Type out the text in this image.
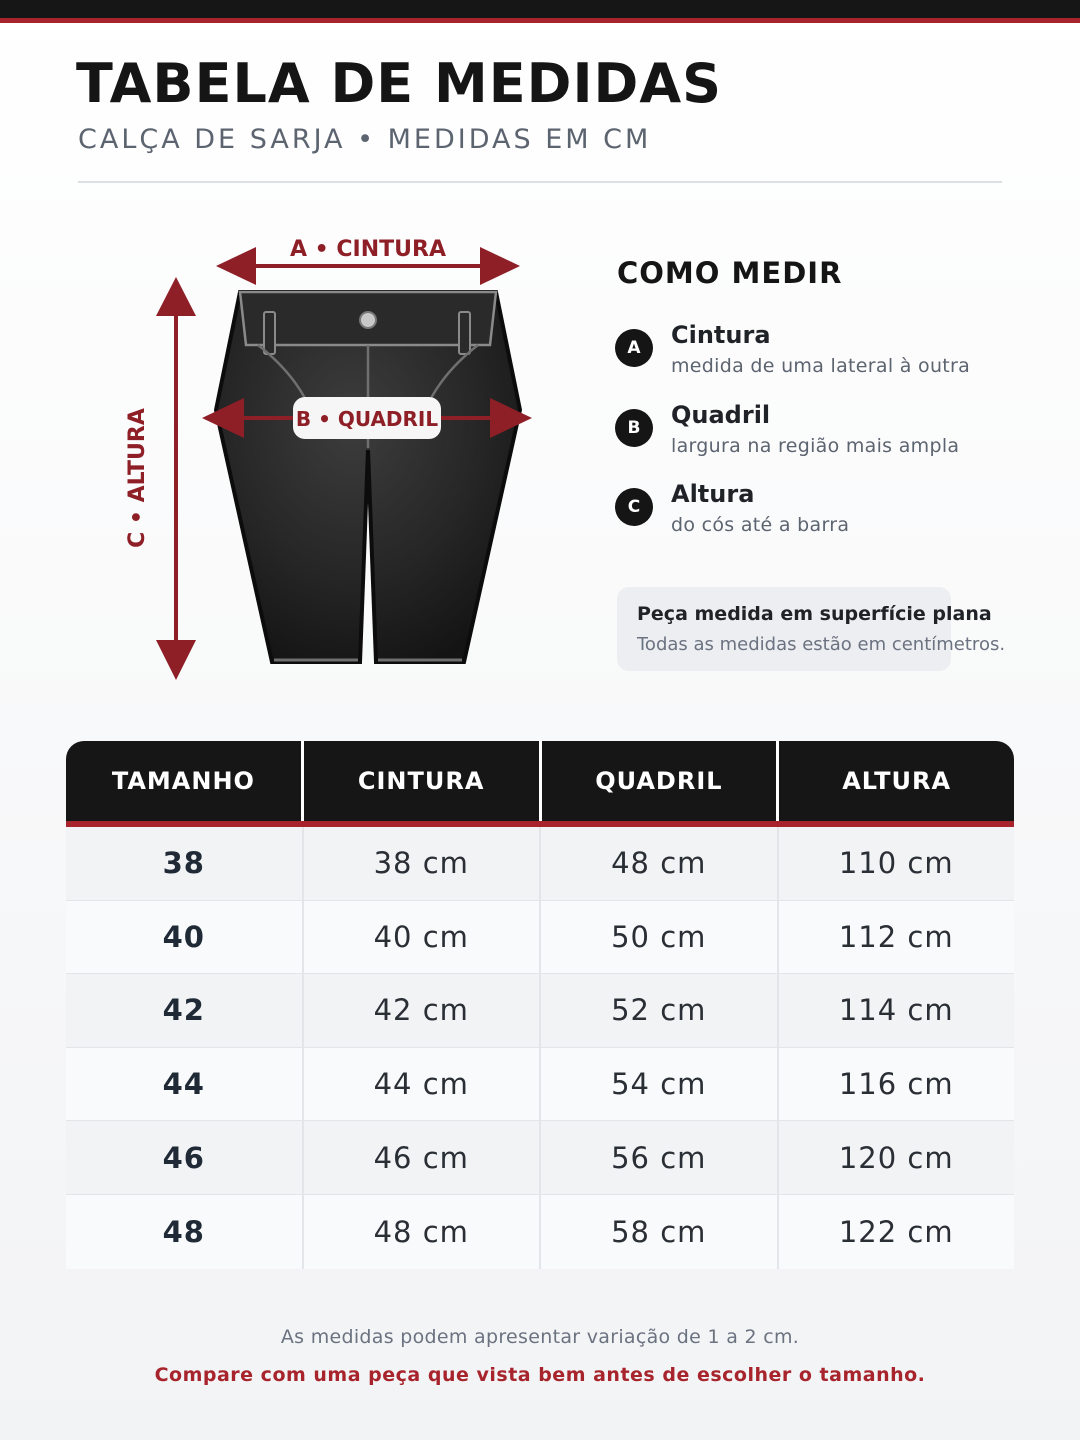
TABELA DE MEDIDAS
CALÇA DE SARJA • MEDIDAS EM CM
A • CINTURA
B • QUADRIL
C • ALTURA
COMO MEDIR
A	Cintura
medida de uma lateral à outra
B	Quadril
largura na região mais ampla
C	Altura
do cós até a barra
Peça medida em superfície plana
Todas as medidas estão em centímetros.
TAMANHO	CINTURA	QUADRIL	ALTURA
38	38 cm	48 cm	110 cm
40	40 cm	50 cm	112 cm
42	42 cm	52 cm	114 cm
44	44 cm	54 cm	116 cm
46	46 cm	56 cm	120 cm
48	48 cm	58 cm	122 cm
As medidas podem apresentar variação de 1 a 2 cm.
Compare com uma peça que vista bem antes de escolher o tamanho.
